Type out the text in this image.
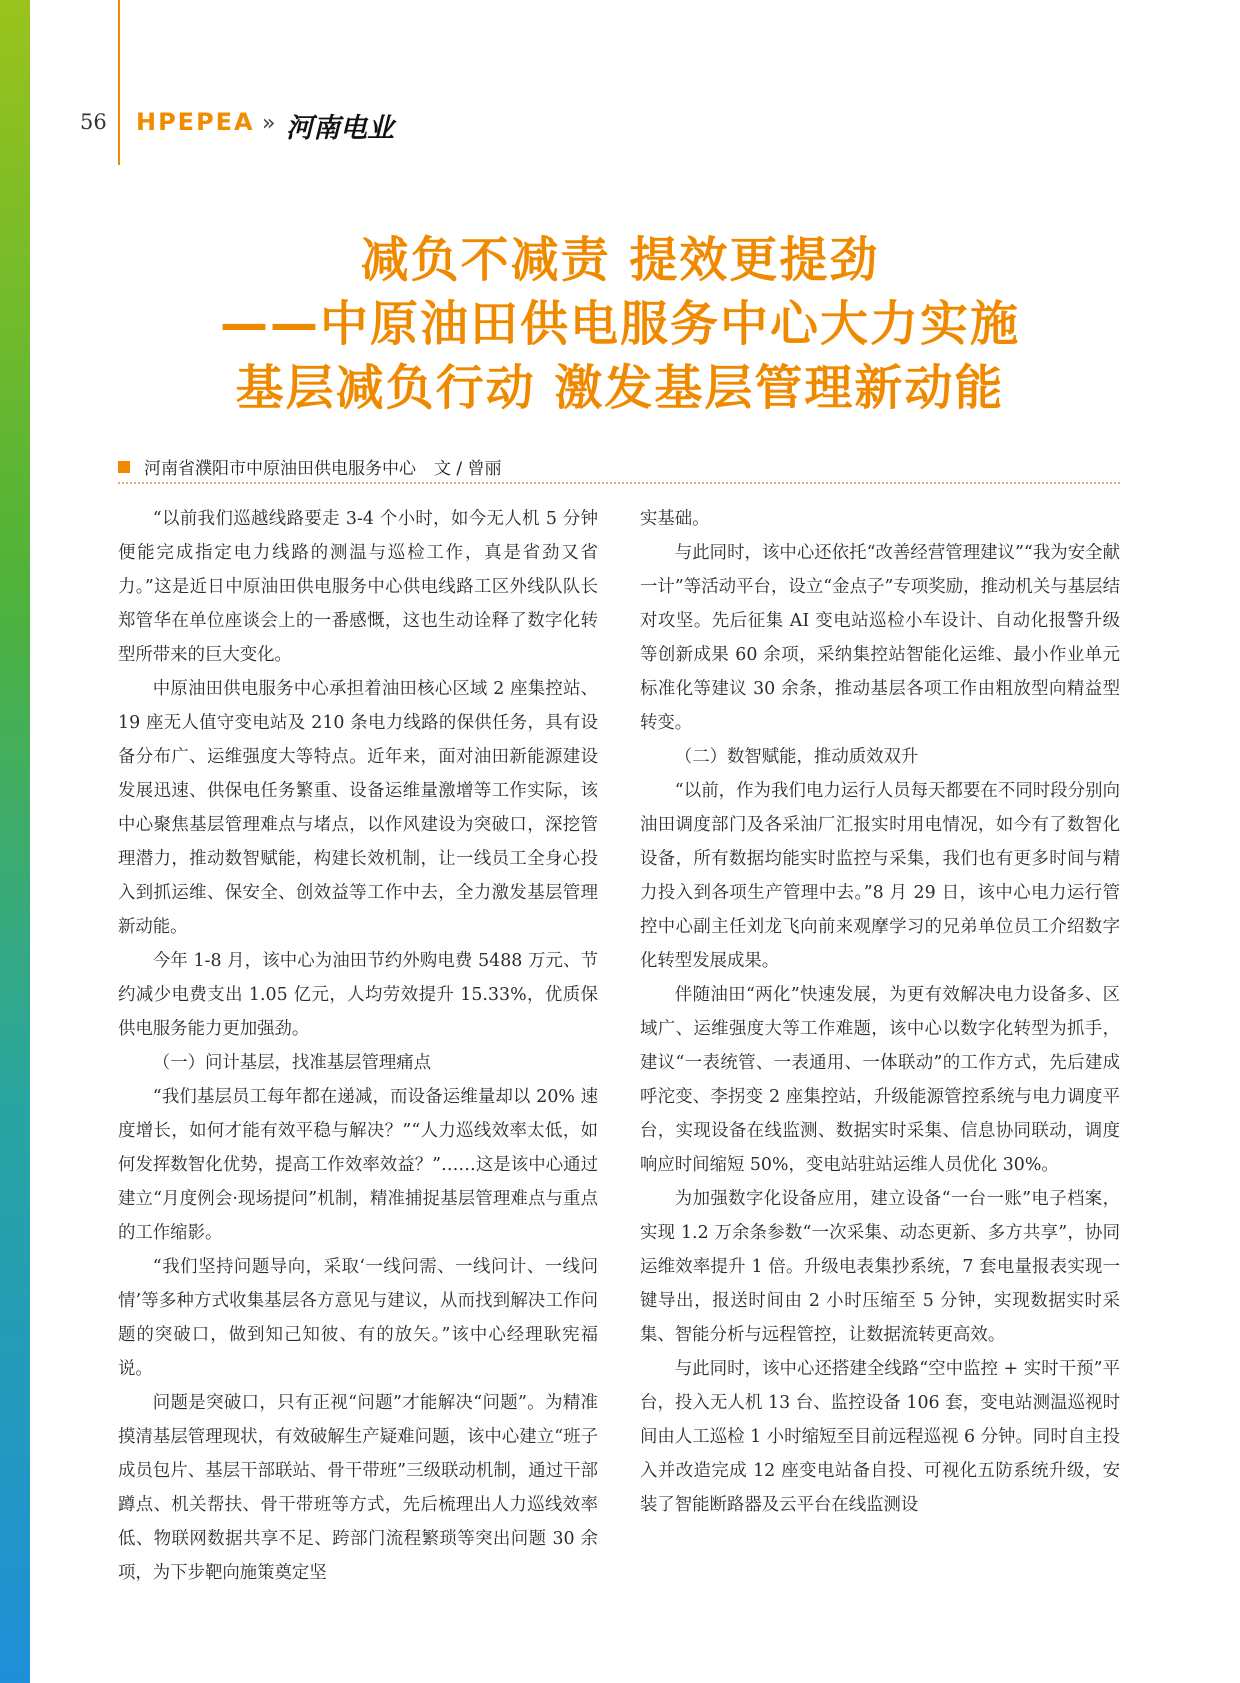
56 HPEPEA » 河南电业
减负不减责 提效更提劲
——中原油田供电服务中心大力实施
基层减负行动 激发基层管理新动能
河南省濮阳市中原油田供电服务中心 文 / 曾丽

“以前我们巡越线路要走 3-4 个小时，如今无人机 5 分钟便能完成指定电力线路的测温与巡检工作，真是省劲又省力。”这是近日中原油田供电服务中心供电线路工区外线队队长郑管华在单位座谈会上的一番感慨，这也生动诠释了数字化转型所带来的巨大变化。

中原油田供电服务中心承担着油田核心区域 2 座集控站、19 座无人值守变电站及 210 条电力线路的保供任务，具有设备分布广、运维强度大等特点。近年来，面对油田新能源建设发展迅速、供保电任务繁重、设备运维量激增等工作实际，该中心聚焦基层管理难点与堵点，以作风建设为突破口，深挖管理潜力，推动数智赋能，构建长效机制，让一线员工全身心投入到抓运维、保安全、创效益等工作中去，全力激发基层管理新动能。

今年 1-8 月，该中心为油田节约外购电费 5488 万元、节约减少电费支出 1.05 亿元，人均劳效提升 15.33%，优质保供电服务能力更加强劲。

（一）问计基层，找准基层管理痛点

“我们基层员工每年都在递减，而设备运维量却以 20% 速度增长，如何才能有效平稳与解决？”“人力巡线效率太低，如何发挥数智化优势，提高工作效率效益？”……这是该中心通过建立“月度例会·现场提问”机制，精准捕捉基层管理难点与重点的工作缩影。

“我们坚持问题导向，采取‘一线问需、一线问计、一线问情’等多种方式收集基层各方意见与建议，从而找到解决工作问题的突破口，做到知己知彼、有的放矢。”该中心经理耿宪福说。

问题是突破口，只有正视“问题”才能解决“问题”。为精准摸清基层管理现状，有效破解生产疑难问题，该中心建立“班子成员包片、基层干部联站、骨干带班”三级联动机制，通过干部蹲点、机关帮扶、骨干带班等方式，先后梳理出人力巡线效率低、物联网数据共享不足、跨部门流程繁琐等突出问题 30 余项，为下步靶向施策奠定坚

实基础。

与此同时，该中心还依托“改善经营管理建议”“我为安全献一计”等活动平台，设立“金点子”专项奖励，推动机关与基层结对攻坚。先后征集 AI 变电站巡检小车设计、自动化报警升级等创新成果 60 余项，采纳集控站智能化运维、最小作业单元标准化等建议 30 余条，推动基层各项工作由粗放型向精益型转变。

（二）数智赋能，推动质效双升

“以前，作为我们电力运行人员每天都要在不同时段分别向油田调度部门及各采油厂汇报实时用电情况，如今有了数智化设备，所有数据均能实时监控与采集，我们也有更多时间与精力投入到各项生产管理中去。”8 月 29 日，该中心电力运行管控中心副主任刘龙飞向前来观摩学习的兄弟单位员工介绍数字化转型发展成果。

伴随油田“两化”快速发展，为更有效解决电力设备多、区域广、运维强度大等工作难题，该中心以数字化转型为抓手，建议“一表统管、一表通用、一体联动”的工作方式，先后建成呼沱变、李拐变 2 座集控站，升级能源管控系统与电力调度平台，实现设备在线监测、数据实时采集、信息协同联动，调度响应时间缩短 50%，变电站驻站运维人员优化 30%。

为加强数字化设备应用，建立设备“一台一账”电子档案，实现 1.2 万余条参数“一次采集、动态更新、多方共享”，协同运维效率提升 1 倍。升级电表集抄系统，7 套电量报表实现一键导出，报送时间由 2 小时压缩至 5 分钟，实现数据实时采集、智能分析与远程管控，让数据流转更高效。

与此同时，该中心还搭建全线路“空中监控 + 实时干预”平台，投入无人机 13 台、监控设备 106 套，变电站测温巡视时间由人工巡检 1 小时缩短至目前远程巡视 6 分钟。同时自主投入并改造完成 12 座变电站备自投、可视化五防系统升级，安装了智能断路器及云平台在线监测设
